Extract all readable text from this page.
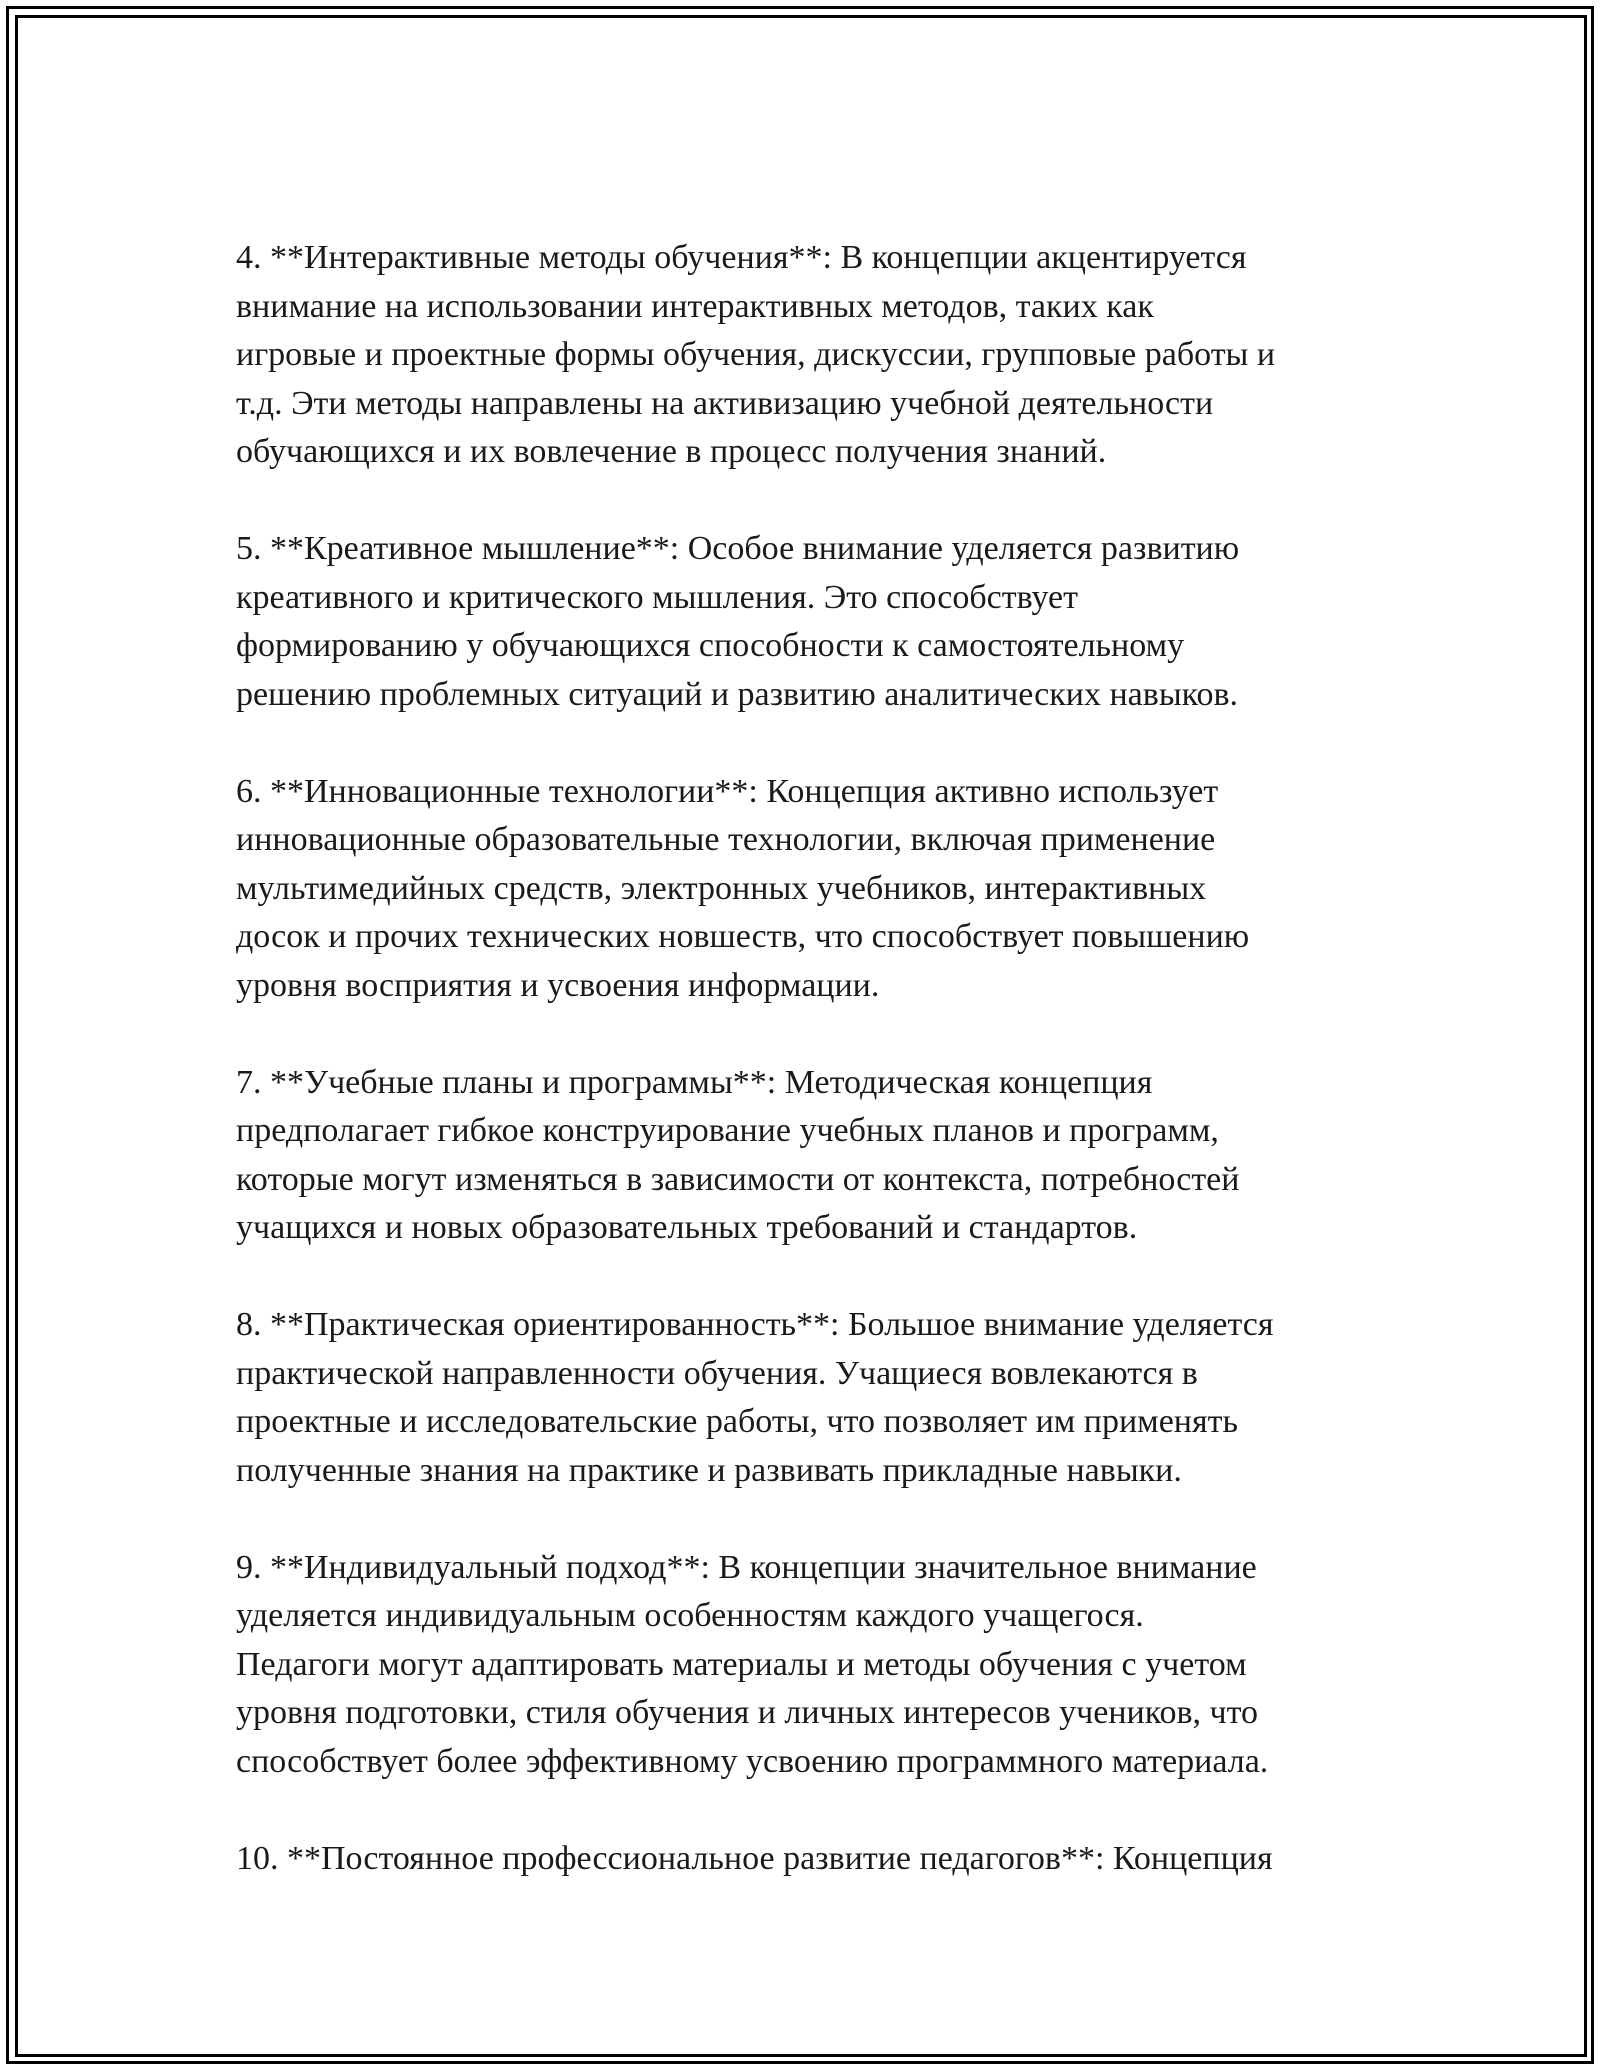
4. **Интерактивные методы обучения**: В концепции акцентируется
внимание на использовании интерактивных методов, таких как
игровые и проектные формы обучения, дискуссии, групповые работы и
т.д. Эти методы направлены на активизацию учебной деятельности
обучающихся и их вовлечение в процесс получения знаний.

5. **Креативное мышление**: Особое внимание уделяется развитию
креативного и критического мышления. Это способствует
формированию у обучающихся способности к самостоятельному
решению проблемных ситуаций и развитию аналитических навыков.

6. **Инновационные технологии**: Концепция активно использует
инновационные образовательные технологии, включая применение
мультимедийных средств, электронных учебников, интерактивных
досок и прочих технических новшеств, что способствует повышению
уровня восприятия и усвоения информации.

7. **Учебные планы и программы**: Методическая концепция
предполагает гибкое конструирование учебных планов и программ,
которые могут изменяться в зависимости от контекста, потребностей
учащихся и новых образовательных требований и стандартов.

8. **Практическая ориентированность**: Большое внимание уделяется
практической направленности обучения. Учащиеся вовлекаются в
проектные и исследовательские работы, что позволяет им применять
полученные знания на практике и развивать прикладные навыки.

9. **Индивидуальный подход**: В концепции значительное внимание
уделяется индивидуальным особенностям каждого учащегося.
Педагоги могут адаптировать материалы и методы обучения с учетом
уровня подготовки, стиля обучения и личных интересов учеников, что
способствует более эффективному усвоению программного материала.

10. **Постоянное профессиональное развитие педагогов**: Концепция
